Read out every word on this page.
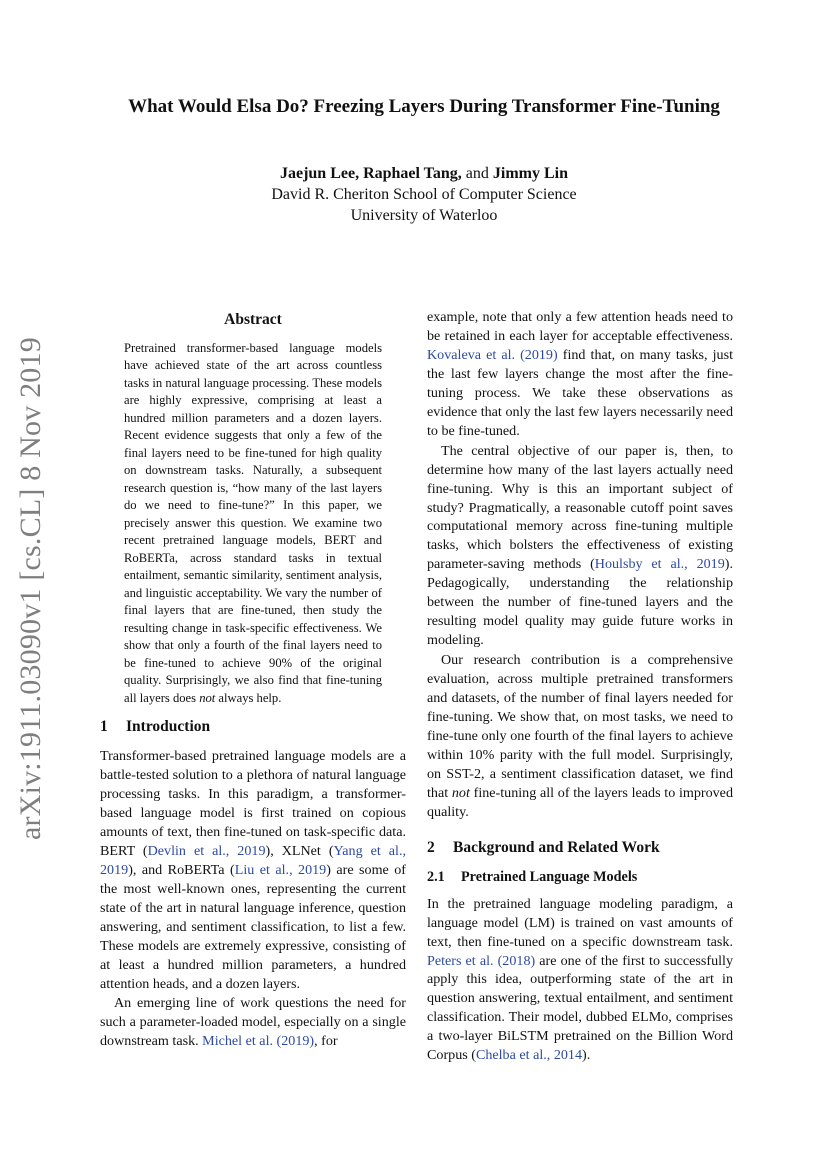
arXiv:1911.03090v1 [cs.CL] 8 Nov 2019
What Would Elsa Do? Freezing Layers During Transformer Fine-Tuning
Jaejun Lee, Raphael Tang, and Jimmy Lin
David R. Cheriton School of Computer Science
University of Waterloo
Abstract
Pretrained transformer-based language models have achieved state of the art across countless tasks in natural language processing. These models are highly expressive, comprising at least a hundred million parameters and a dozen layers. Recent evidence suggests that only a few of the final layers need to be fine-tuned for high quality on downstream tasks. Naturally, a subsequent research question is, “how many of the last layers do we need to fine-tune?” In this paper, we precisely answer this question. We examine two recent pretrained language models, BERT and RoBERTa, across standard tasks in textual entailment, semantic similarity, sentiment analysis, and linguistic acceptability. We vary the number of final layers that are fine-tuned, then study the resulting change in task-specific effectiveness. We show that only a fourth of the final layers need to be fine-tuned to achieve 90% of the original quality. Surprisingly, we also find that fine-tuning all layers does not always help.
1 Introduction

Transformer-based pretrained language models are a battle-tested solution to a plethora of natural language processing tasks. In this paradigm, a transformer-based language model is first trained on copious amounts of text, then fine-tuned on task-specific data. BERT (Devlin et al., 2019), XLNet (Yang et al., 2019), and RoBERTa (Liu et al., 2019) are some of the most well-known ones, representing the current state of the art in natural language inference, question answering, and sentiment classification, to list a few. These models are extremely expressive, consisting of at least a hundred million parameters, a hundred attention heads, and a dozen layers.

An emerging line of work questions the need for such a parameter-loaded model, especially on a single downstream task. Michel et al. (2019), for

example, note that only a few attention heads need to be retained in each layer for acceptable effectiveness. Kovaleva et al. (2019) find that, on many tasks, just the last few layers change the most after the fine-tuning process. We take these observations as evidence that only the last few layers necessarily need to be fine-tuned.

The central objective of our paper is, then, to determine how many of the last layers actually need fine-tuning. Why is this an important subject of study? Pragmatically, a reasonable cutoff point saves computational memory across fine-tuning multiple tasks, which bolsters the effectiveness of existing parameter-saving methods (Houlsby et al., 2019). Pedagogically, understanding the relationship between the number of fine-tuned layers and the resulting model quality may guide future works in modeling.

Our research contribution is a comprehensive evaluation, across multiple pretrained transformers and datasets, of the number of final layers needed for fine-tuning. We show that, on most tasks, we need to fine-tune only one fourth of the final layers to achieve within 10% parity with the full model. Surprisingly, on SST-2, a sentiment classification dataset, we find that not fine-tuning all of the layers leads to improved quality.

2 Background and Related Work
2.1 Pretrained Language Models

In the pretrained language modeling paradigm, a language model (LM) is trained on vast amounts of text, then fine-tuned on a specific downstream task. Peters et al. (2018) are one of the first to successfully apply this idea, outperforming state of the art in question answering, textual entailment, and sentiment classification. Their model, dubbed ELMo, comprises a two-layer BiLSTM pretrained on the Billion Word Corpus (Chelba et al., 2014).
